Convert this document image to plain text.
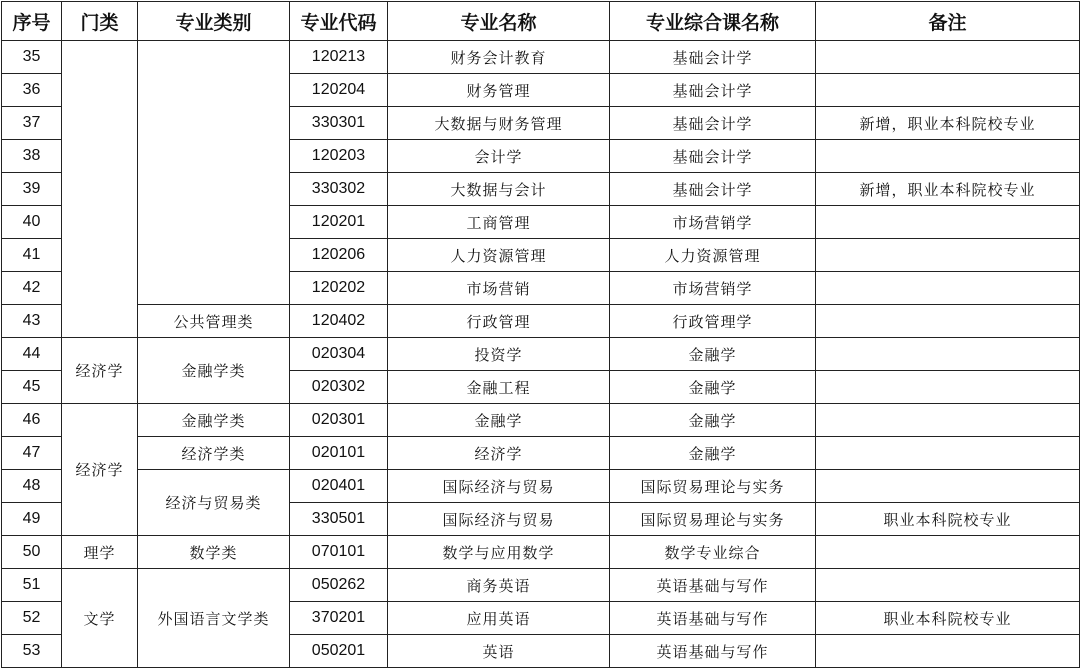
序号	门类	专业类别	专业代码	专业名称	专业综合课名称	备注
35			120213	财务会计教育	基础会计学	
36			120204	财务管理	基础会计学	
37			330301	大数据与财务管理	基础会计学	新增，职业本科院校专业
38			120203	会计学	基础会计学	
39			330302	大数据与会计	基础会计学	新增，职业本科院校专业
40			120201	工商管理	市场营销学	
41			120206	人力资源管理	人力资源管理	
42			120202	市场营销	市场营销学	
43		公共管理类	120402	行政管理	行政管理学	
44	经济学	金融学类	020304	投资学	金融学	
45			020302	金融工程	金融学	
46	经济学	金融学类	020301	金融学	金融学	
47		经济学类	020101	经济学	金融学	
48		经济与贸易类	020401	国际经济与贸易	国际贸易理论与实务	
49			330501	国际经济与贸易	国际贸易理论与实务	职业本科院校专业
50	理学	数学类	070101	数学与应用数学	数学专业综合	
51	文学	外国语言文学类	050262	商务英语	英语基础与写作	
52			370201	应用英语	英语基础与写作	职业本科院校专业
53			050201	英语	英语基础与写作	
